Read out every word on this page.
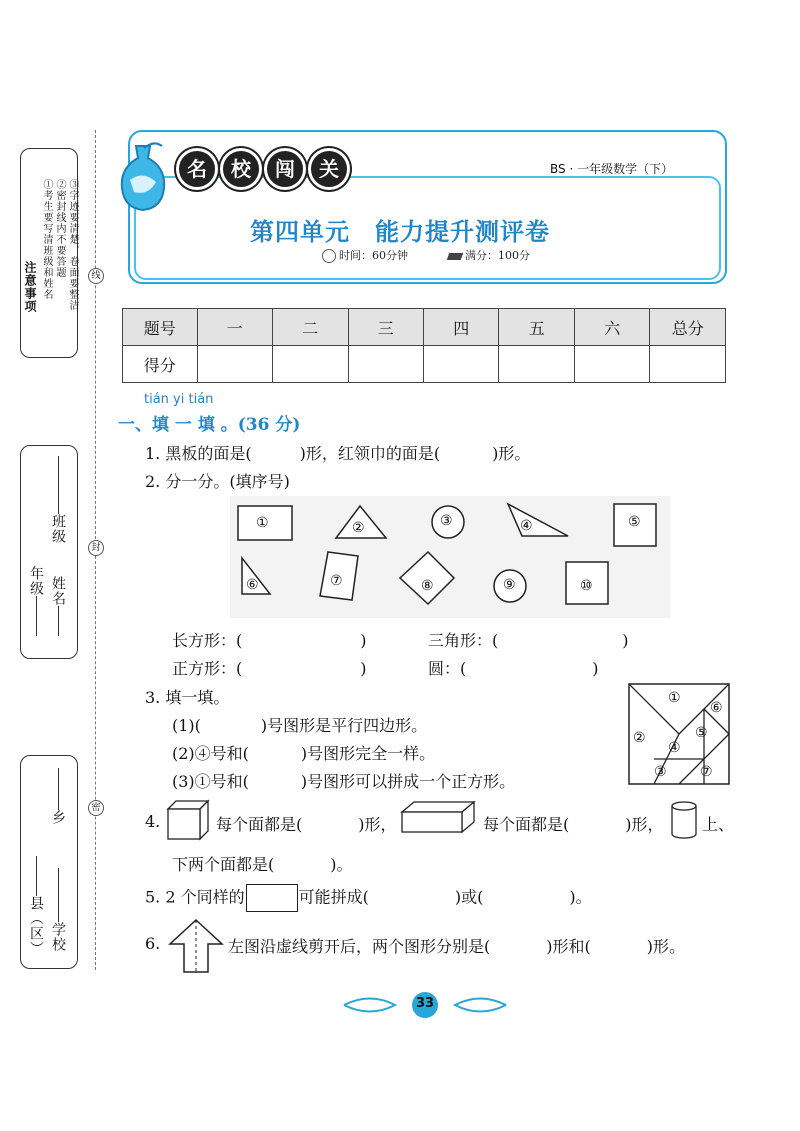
注意事项 ①考生要写清班级和姓名 ②密封线内不要答题 ③字迹要清楚，卷面要整洁	线
封
密
班级
年级 姓名
乡
县（区） 学校
名	校	闯	关	BS · 一年级数学（下）
第四单元　能力提升测评卷
时间：60分钟	满分：100分
题号	一	二	三	四	五	六	总分
得分							
tián yi tián
一、填 一 填 。(36 分)
1. 黑板的面是(	)形，红领巾的面是(	)形。
2. 分一分。(填序号)
①	②	③	④	⑤
⑥	⑦	⑧	⑨	⑩
长方形：(	)	三角形：(	)
正方形：(	)	圆：(	)
3. 填一填。
(1)(	)号图形是平行四边形。
(2)④号和(	)号图形完全一样。
(3)①号和(	)号图形可以拼成一个正方形。
①
②
③
④
⑤
⑥
⑦
4.	每个面都是(	)形，	每个面都是(	)形， 上、
下两个面都是(	)。
5. 2 个同样的	可能拼成(	)或(	)。
6.	左图沿虚线剪开后，两个图形分别是(	)形和(	)形。
33
